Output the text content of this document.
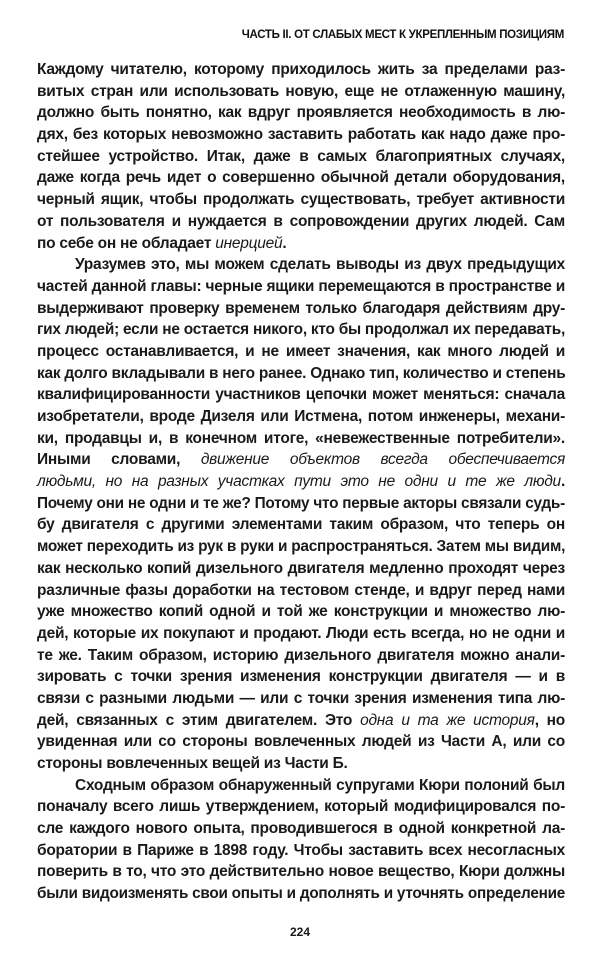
ЧАСТЬ II. ОТ СЛАБЫХ МЕСТ К УКРЕПЛЕННЫМ ПОЗИЦИЯМ
Каждому читателю, которому приходилось жить за пределами раз-
витых стран или использовать новую, еще не отлаженную машину,
должно быть понятно, как вдруг проявляется необходимость в лю-
дях, без которых невозможно заставить работать как надо даже про-
стейшее устройство. Итак, даже в самых благоприятных случаях,
даже когда речь идет о совершенно обычной детали оборудования,
черный ящик, чтобы продолжать существовать, требует активности
от пользователя и нуждается в сопровождении других людей. Сам
по себе он не обладает инерцией.
Уразумев это, мы можем сделать выводы из двух предыдущих
частей данной главы: черные ящики перемещаются в пространстве и
выдерживают проверку временем только благодаря действиям дру-
гих людей; если не остается никого, кто бы продолжал их передавать,
процесс останавливается, и не имеет значения, как много людей и
как долго вкладывали в него ранее. Однако тип, количество и степень
квалифицированности участников цепочки может меняться: сначала
изобретатели, вроде Дизеля или Истмена, потом инженеры, механи-
ки, продавцы и, в конечном итоге, «невежественные потребители».
Иными словами, движение объектов всегда обеспечивается
людьми, но на разных участках пути это не одни и те же люди.
Почему они не одни и те же? Потому что первые акторы связали судь-
бу двигателя с другими элементами таким образом, что теперь он
может переходить из рук в руки и распространяться. Затем мы видим,
как несколько копий дизельного двигателя медленно проходят через
различные фазы доработки на тестовом стенде, и вдруг перед нами
уже множество копий одной и той же конструкции и множество лю-
дей, которые их покупают и продают. Люди есть всегда, но не одни и
те же. Таким образом, историю дизельного двигателя можно анали-
зировать с точки зрения изменения конструкции двигателя — и в
связи с разными людьми — или с точки зрения изменения типа лю-
дей, связанных с этим двигателем. Это одна и та же история, но
увиденная или со стороны вовлеченных людей из Части А, или со
стороны вовлеченных вещей из Части Б.
Сходным образом обнаруженный супругами Кюри полоний был
поначалу всего лишь утверждением, который модифицировался по-
сле каждого нового опыта, проводившегося в одной конкретной ла-
боратории в Париже в 1898 году. Чтобы заставить всех несогласных
поверить в то, что это действительно новое вещество, Кюри должны
были видоизменять свои опыты и дополнять и уточнять определение
224
